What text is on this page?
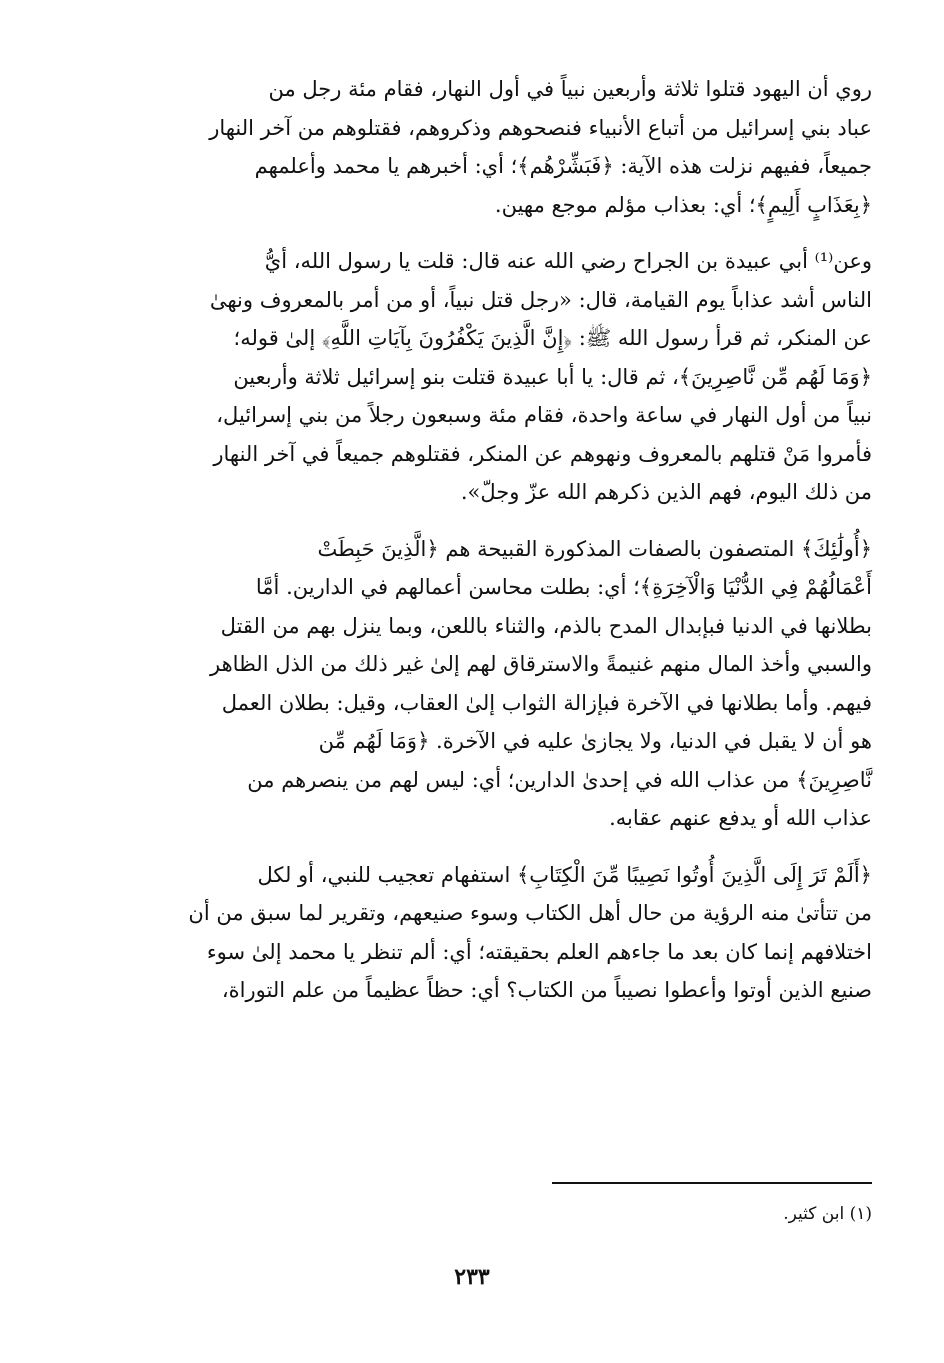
روي أن اليهود قتلوا ثلاثة وأربعين نبياً في أول النهار، فقام مئة رجل من

عباد بني إسرائيل من أتباع الأنبياء فنصحوهم وذكروهم، فقتلوهم من آخر النهار

جميعاً، ففيهم نزلت هذه الآية: ﴿فَبَشِّرْهُم﴾؛ أي: أخبرهم يا محمد وأعلمهم

﴿بِعَذَابٍ أَلِيمٍ﴾؛ أي: بعذاب مؤلم موجع مهين.

وعن⁽¹⁾ أبي عبيدة بن الجراح رضي الله عنه قال: قلت يا رسول الله، أيُّ

الناس أشد عذاباً يوم القيامة، قال: «رجل قتل نبياً، أو من أمر بالمعروف ونهىٰ

عن المنكر، ثم قرأ رسول الله ﷺ: ﴿إِنَّ الَّذِينَ يَكْفُرُونَ بِآيَاتِ اللَّهِ﴾ إلىٰ قوله؛

﴿وَمَا لَهُم مِّن نَّاصِرِينَ﴾، ثم قال: يا أبا عبيدة قتلت بنو إسرائيل ثلاثة وأربعين

نبياً من أول النهار في ساعة واحدة، فقام مئة وسبعون رجلاً من بني إسرائيل،

فأمروا مَنْ قتلهم بالمعروف ونهوهم عن المنكر، فقتلوهم جميعاً في آخر النهار

من ذلك اليوم، فهم الذين ذكرهم الله عزّ وجلّ».

﴿أُولَٰئِكَ﴾ المتصفون بالصفات المذكورة القبيحة هم ﴿الَّذِينَ حَبِطَتْ

أَعْمَالُهُمْ فِي الدُّنْيَا وَالْآخِرَةِ﴾؛ أي: بطلت محاسن أعمالهم في الدارين. أمَّا

بطلانها في الدنيا فبإبدال المدح بالذم، والثناء باللعن، وبما ينزل بهم من القتل

والسبي وأخذ المال منهم غنيمةً والاسترقاق لهم إلىٰ غير ذلك من الذل الظاهر

فيهم. وأما بطلانها في الآخرة فبإزالة الثواب إلىٰ العقاب، وقيل: بطلان العمل

هو أن لا يقبل في الدنيا، ولا يجازىٰ عليه في الآخرة. ﴿وَمَا لَهُم مِّن

نَّاصِرِينَ﴾ من عذاب الله في إحدىٰ الدارين؛ أي: ليس لهم من ينصرهم من

عذاب الله أو يدفع عنهم عقابه.

﴿أَلَمْ تَرَ إِلَى الَّذِينَ أُوتُوا نَصِيبًا مِّنَ الْكِتَابِ﴾ استفهام تعجيب للنبي، أو لكل

من تتأتىٰ منه الرؤية من حال أهل الكتاب وسوء صنيعهم، وتقرير لما سبق من أن

اختلافهم إنما كان بعد ما جاءهم العلم بحقيقته؛ أي: ألم تنظر يا محمد إلىٰ سوء

صنيع الذين أوتوا وأعطوا نصيباً من الكتاب؟ أي: حظاً عظيماً من علم التوراة،

(١) ابن كثير.
٢٣٣
